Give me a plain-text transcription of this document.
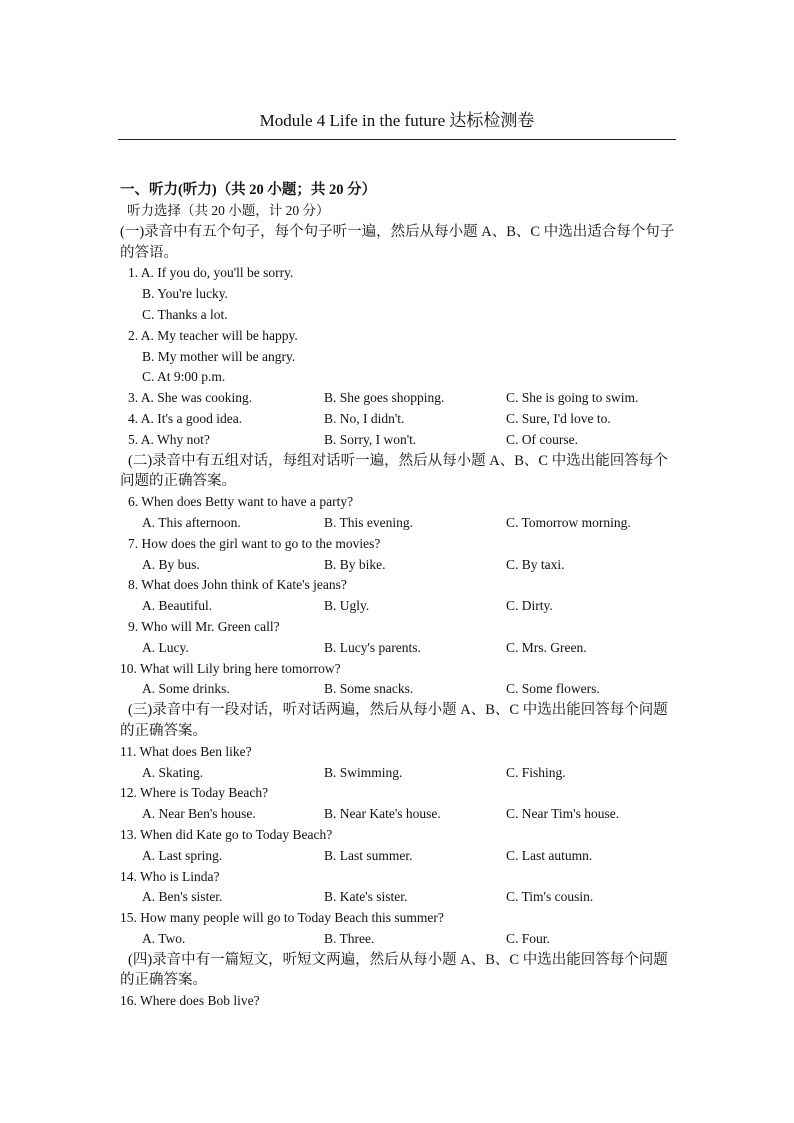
Module 4 Life in the future 达标检测卷
一、听力(听力)（共 20 小题；共 20 分）
听力选择（共 20 小题，计 20 分）
(一)录音中有五个句子，每个句子听一遍，然后从每小题 A、B、C 中选出适合每个句子的答语。
1. A. If you do, you'll be sorry.
B. You're lucky.
C. Thanks a lot.
2. A. My teacher will be happy.
B. My mother will be angry.
C. At 9:00 p.m.
3. A. She was cooking.	B. She goes shopping.	C. She is going to swim.
4. A. It's a good idea.	B. No, I didn't.	C. Sure, I'd love to.
5. A. Why not?	B. Sorry, I won't.	C. Of course.
(二)录音中有五组对话，每组对话听一遍，然后从每小题 A、B、C 中选出能回答每个问题的正确答案。
6. When does Betty want to have a party?
A. This afternoon.	B. This evening.	C. Tomorrow morning.
7. How does the girl want to go to the movies?
A. By bus.	B. By bike.	C. By taxi.
8. What does John think of Kate's jeans?
A. Beautiful.	B. Ugly.	C. Dirty.
9. Who will Mr. Green call?
A. Lucy.	B. Lucy's parents.	C. Mrs. Green.
10. What will Lily bring here tomorrow?
A. Some drinks.	B. Some snacks.	C. Some flowers.
(三)录音中有一段对话，听对话两遍，然后从每小题 A、B、C 中选出能回答每个问题的正确答案。
11. What does Ben like?
A. Skating.	B. Swimming.	C. Fishing.
12. Where is Today Beach?
A. Near Ben's house.	B. Near Kate's house.	C. Near Tim's house.
13. When did Kate go to Today Beach?
A. Last spring.	B. Last summer.	C. Last autumn.
14. Who is Linda?
A. Ben's sister.	B. Kate's sister.	C. Tim's cousin.
15. How many people will go to Today Beach this summer?
A. Two.	B. Three.	C. Four.
(四)录音中有一篇短文，听短文两遍，然后从每小题 A、B、C 中选出能回答每个问题的正确答案。
16. Where does Bob live?
